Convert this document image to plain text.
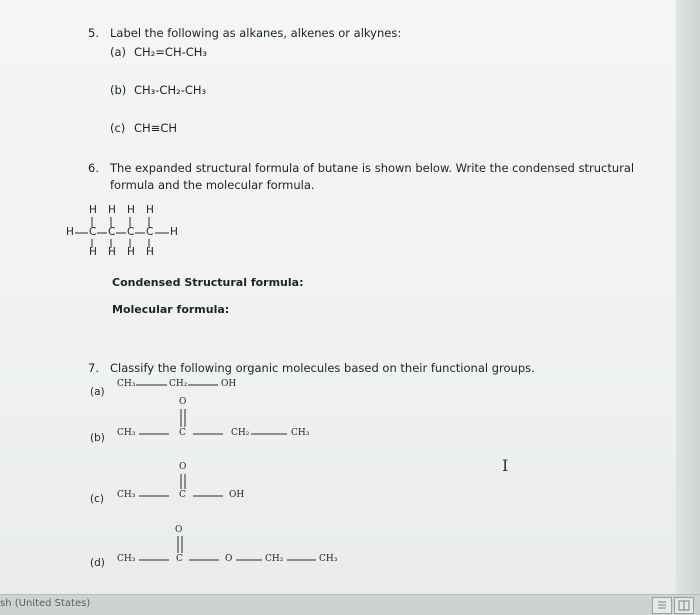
5. Label the following as alkanes, alkenes or alkynes:
(a) CH₂=CH-CH₃
(b) CH₃-CH₂-CH₃
(c) CH≡CH
6. The expanded structural formula of butane is shown below. Write the condensed structural
formula and the molecular formula.
H H H H
H C C C C H
H H H H
Condensed Structural formula:
Molecular formula:
7. Classify the following organic molecules based on their functional groups.
(a)
CH₃	CH₂	OH
(b) CH₃
O
C	CH₂	CH₃
(c) CH₃
O
C	OH
(d) CH₃
O
C	O	CH₂	CH₃
I
sh (United States)
